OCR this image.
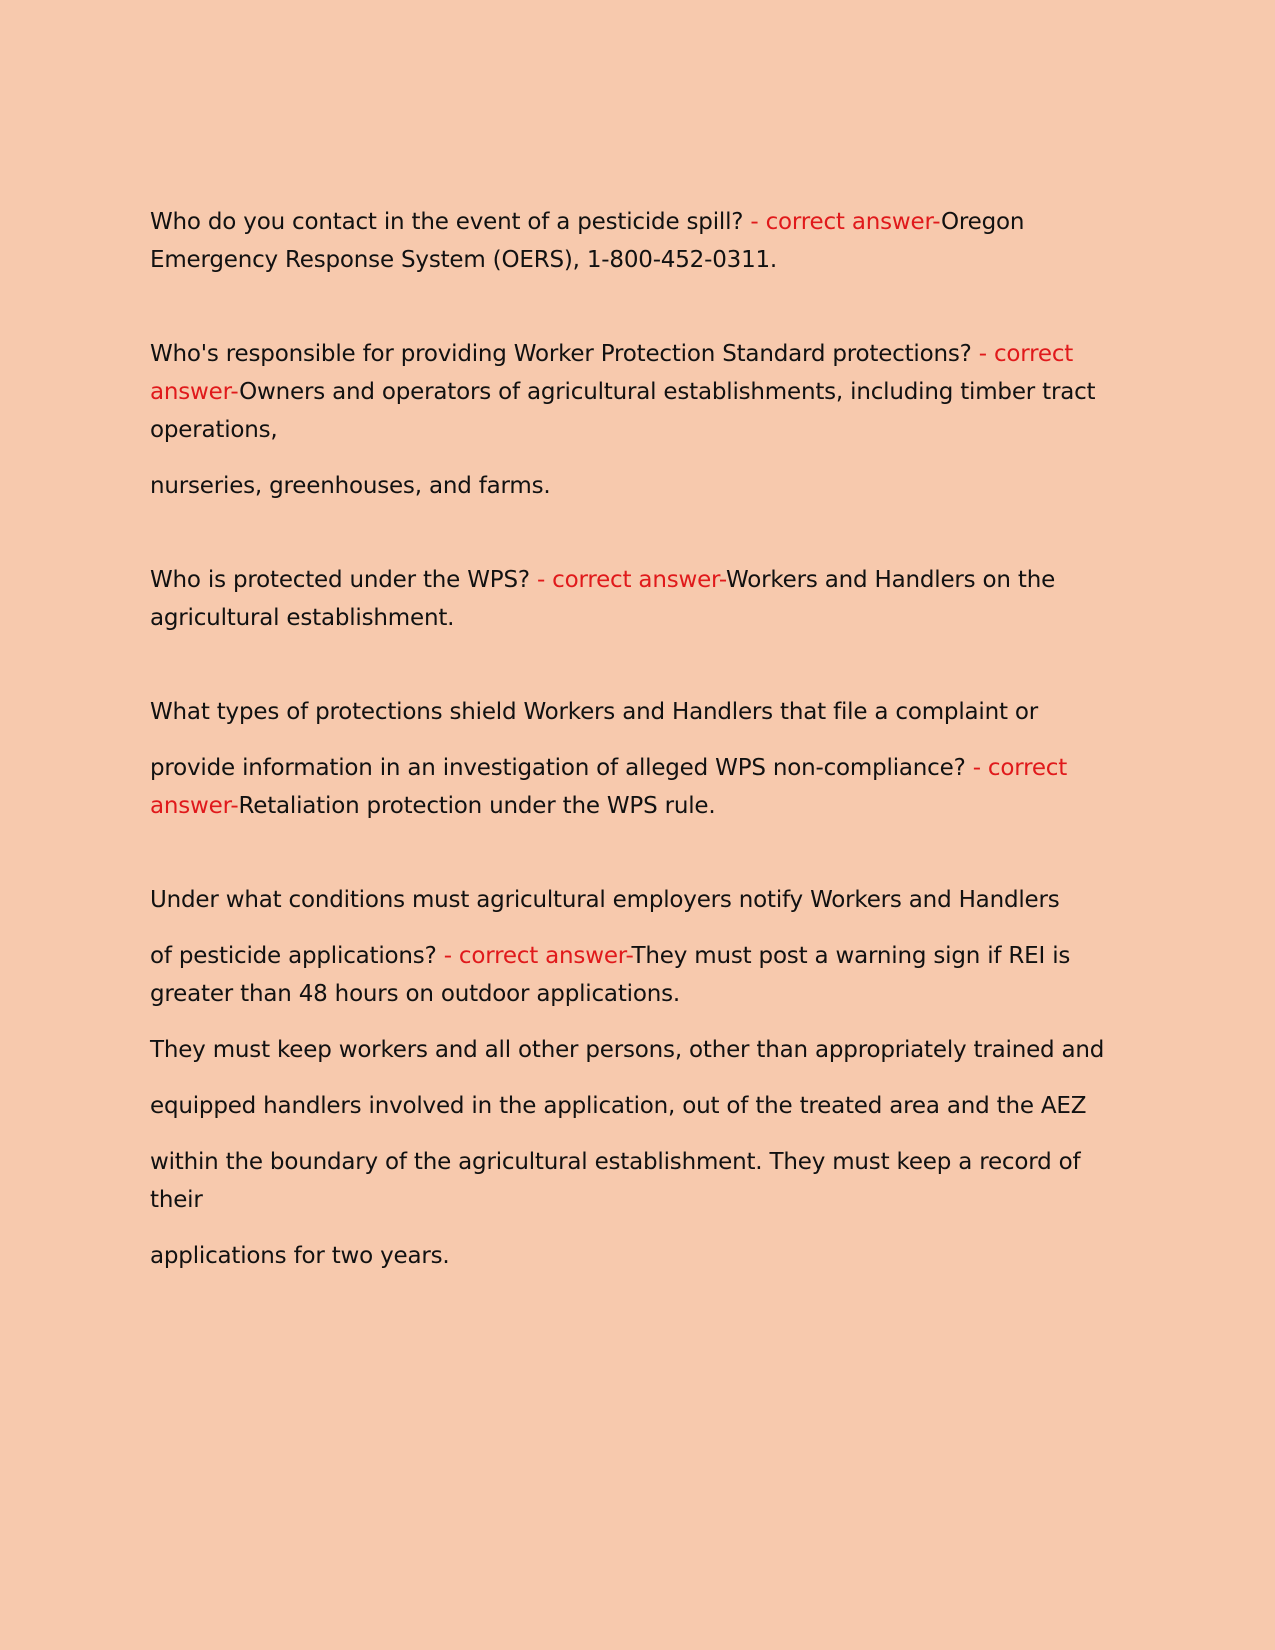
Who do you contact in the event of a pesticide spill? - correct answer-Oregon Emergency Response System (OERS), 1-800-452-0311.

Who's responsible for providing Worker Protection Standard protections? - correct answer-Owners and operators of agricultural establishments, including timber tract operations,

nurseries, greenhouses, and farms.

Who is protected under the WPS? - correct answer-Workers and Handlers on the agricultural establishment.

What types of protections shield Workers and Handlers that file a complaint or

provide information in an investigation of alleged WPS non-compliance? - correct answer-Retaliation protection under the WPS rule.

Under what conditions must agricultural employers notify Workers and Handlers

of pesticide applications? - correct answer-They must post a warning sign if REI is greater than 48 hours on outdoor applications.

They must keep workers and all other persons, other than appropriately trained and

equipped handlers involved in the application, out of the treated area and the AEZ

within the boundary of the agricultural establishment. They must keep a record of their

applications for two years.
